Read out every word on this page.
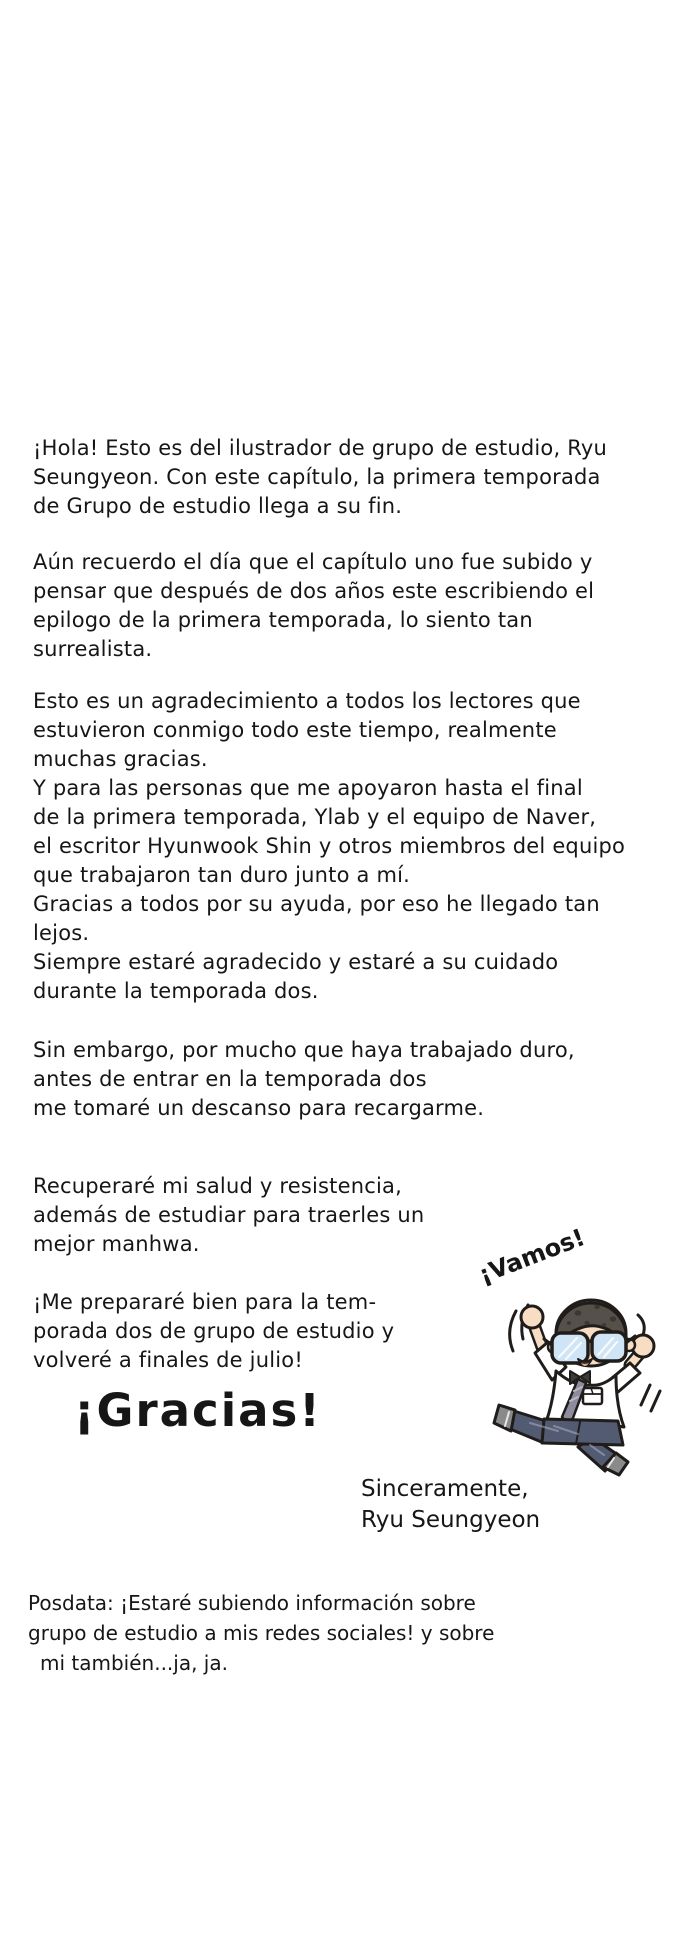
¡Hola! Esto es del ilustrador de grupo de estudio, Ryu
Seungyeon. Con este capítulo, la primera temporada
de Grupo de estudio llega a su fin.
Aún recuerdo el día que el capítulo uno fue subido y
pensar que después de dos años este escribiendo el
epilogo de la primera temporada, lo siento tan
surrealista.
Esto es un agradecimiento a todos los lectores que
estuvieron conmigo todo este tiempo, realmente
muchas gracias.
Y para las personas que me apoyaron hasta el final
de la primera temporada, Ylab y el equipo de Naver,
el escritor Hyunwook Shin y otros miembros del equipo
que trabajaron tan duro junto a mí.
Gracias a todos por su ayuda, por eso he llegado tan
lejos.
Siempre estaré agradecido y estaré a su cuidado
durante la temporada dos.
Sin embargo, por mucho que haya trabajado duro,
antes de entrar en la temporada dos
me tomaré un descanso para recargarme.
Recuperaré mi salud y resistencia,
además de estudiar para traerles un
mejor manhwa.
¡Me prepararé bien para la tem-
porada dos de grupo de estudio y
volveré a finales de julio!
¡Vamos!
¡Gracias!
Sinceramente,
Ryu Seungyeon
Posdata: ¡Estaré subiendo información sobre
grupo de estudio a mis redes sociales! y sobre
mi también...ja, ja.
